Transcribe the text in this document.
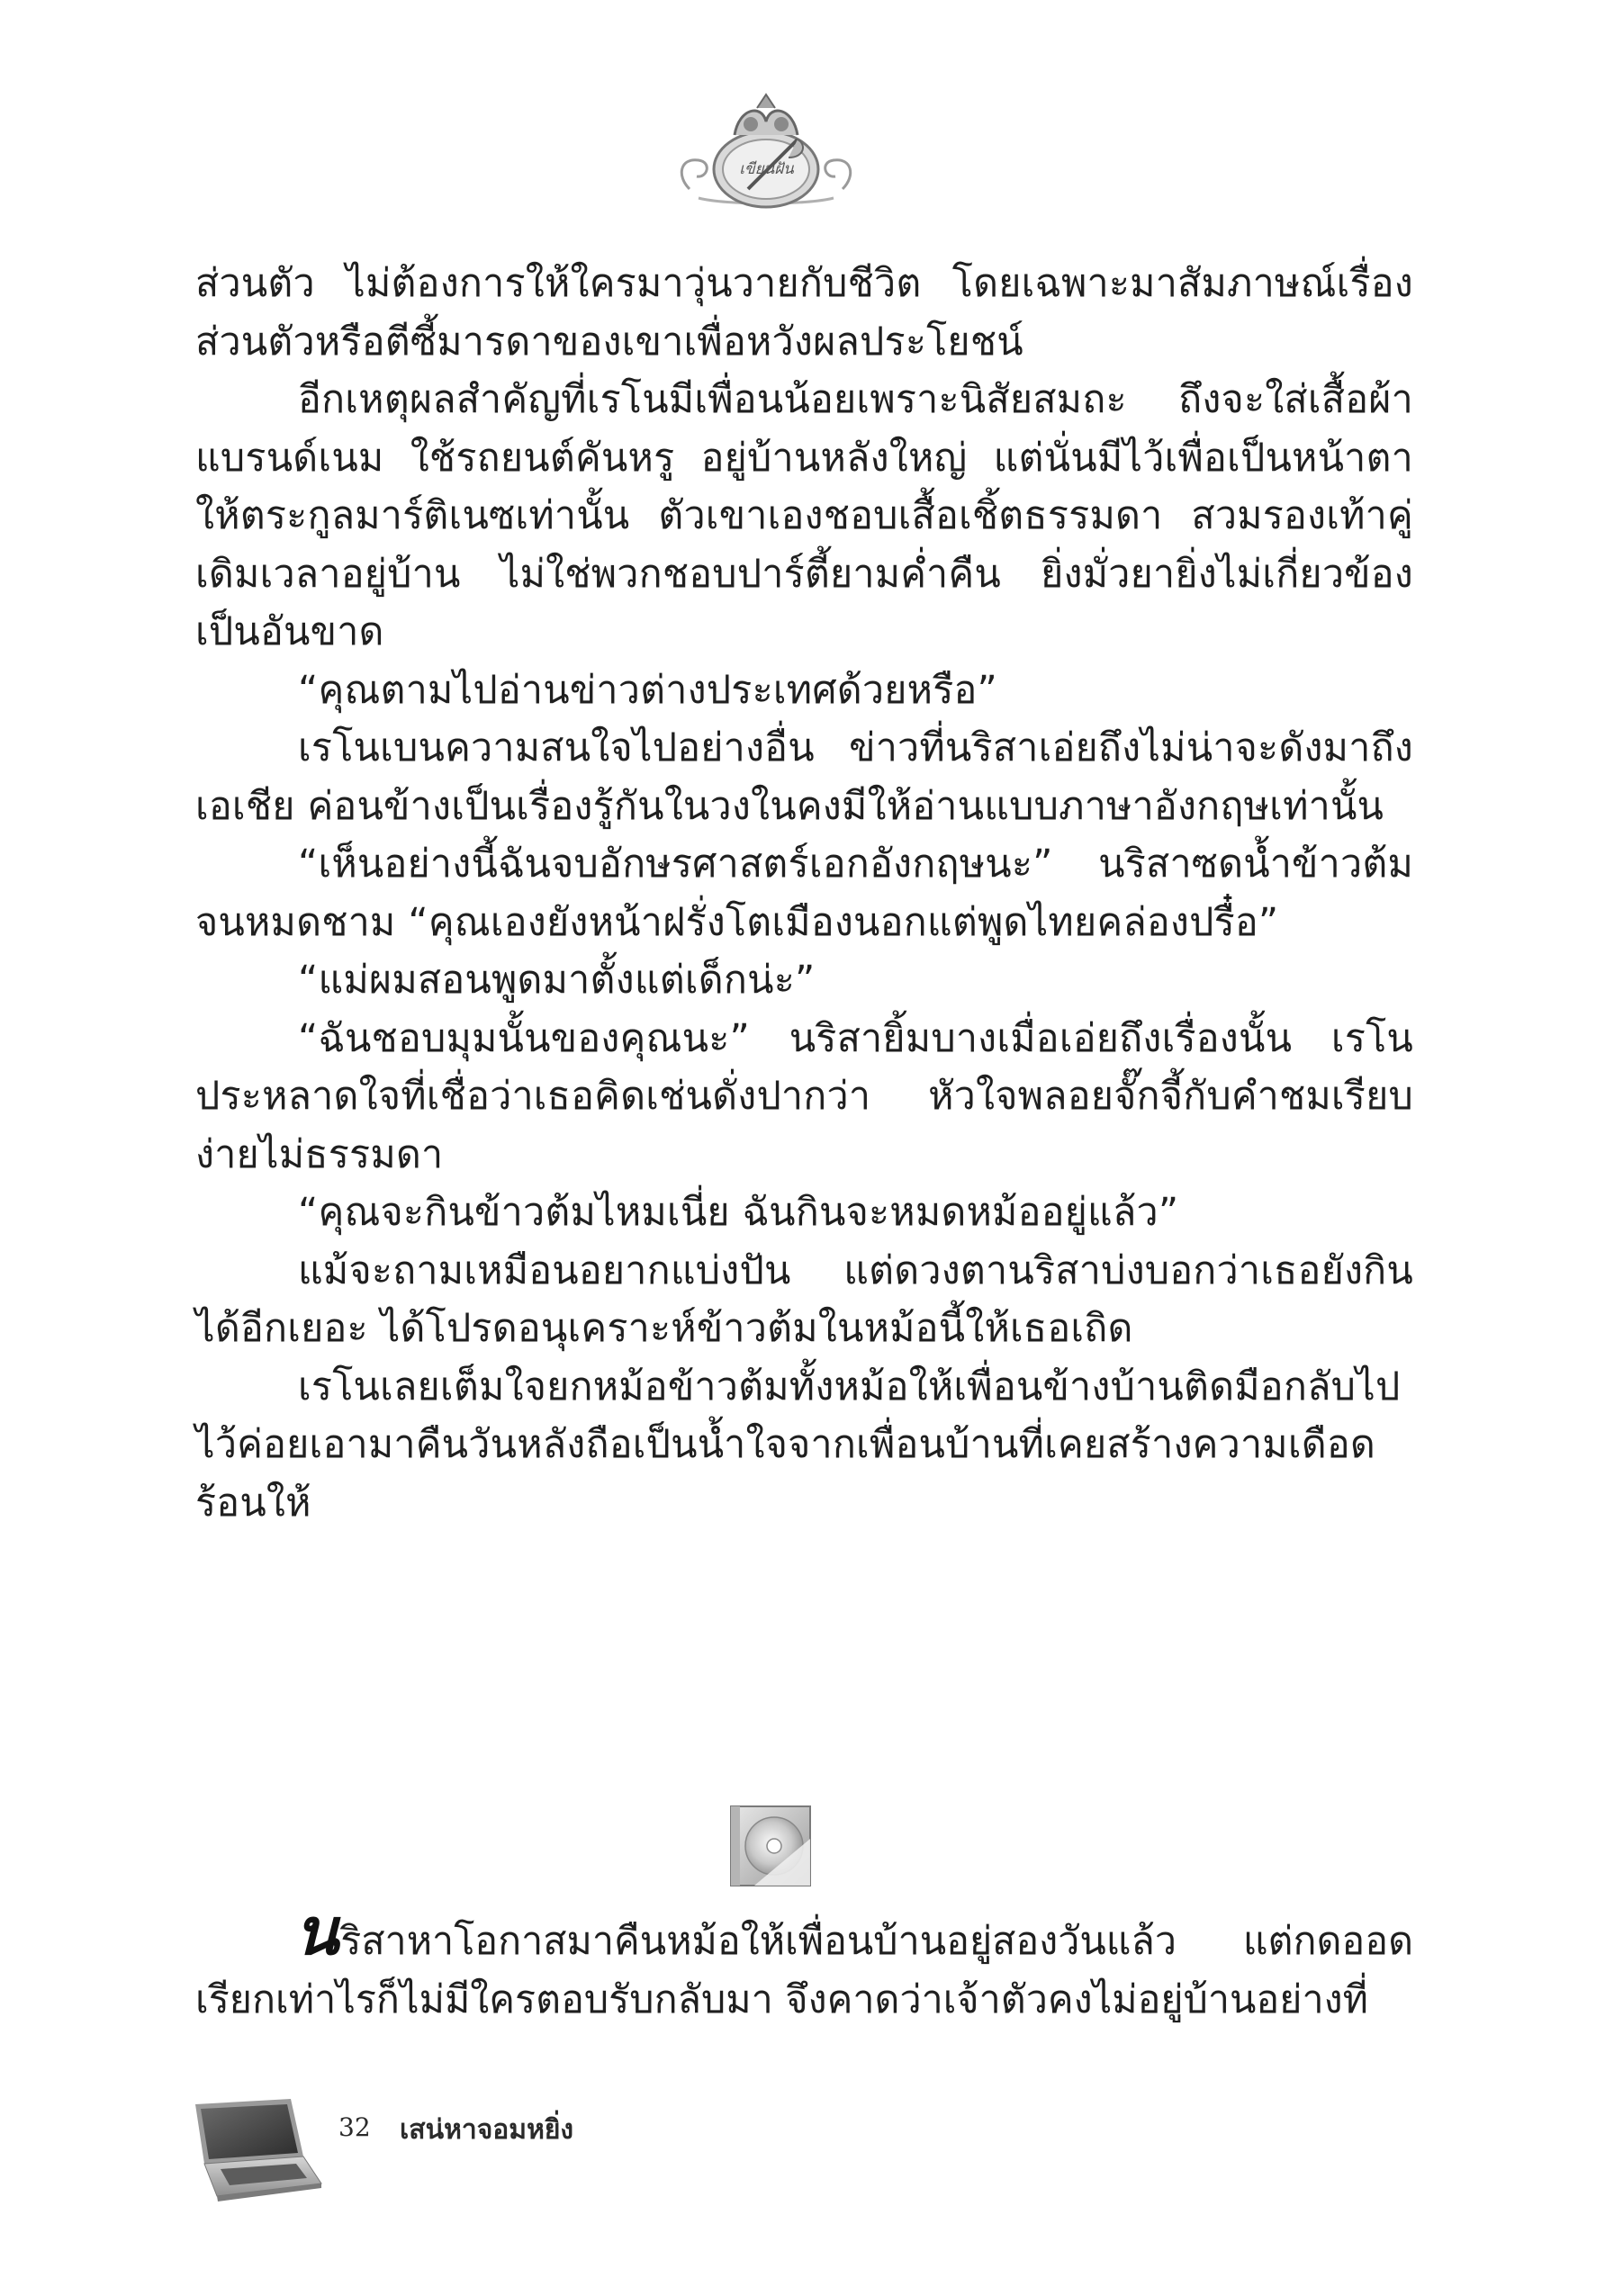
เขียนฝัน

ส่วนตัว ไม่ต้องการให้ใครมาวุ่นวายกับชีวิต โดยเฉพาะมาสัมภาษณ์เรื่องส่วนตัวหรือตีซี้มารดาของเขาเพื่อหวังผลประโยชน์

อีกเหตุผลสำคัญที่เรโนมีเพื่อนน้อยเพราะนิสัยสมถะ ถึงจะใส่เสื้อผ้าแบรนด์เนม ใช้รถยนต์คันหรู อยู่บ้านหลังใหญ่ แต่นั่นมีไว้เพื่อเป็นหน้าตาให้ตระกูลมาร์ติเนซเท่านั้น ตัวเขาเองชอบเสื้อเชิ้ตธรรมดา สวมรองเท้าคู่เดิมเวลาอยู่บ้าน ไม่ใช่พวกชอบปาร์ตี้ยามค่ำคืน ยิ่งมั่วยายิ่งไม่เกี่ยวข้องเป็นอันขาด

“คุณตามไปอ่านข่าวต่างประเทศด้วยหรือ”

เรโนเบนความสนใจไปอย่างอื่น ข่าวที่นริสาเอ่ยถึงไม่น่าจะดังมาถึงเอเชีย ค่อนข้างเป็นเรื่องรู้กันในวงในคงมีให้อ่านแบบภาษาอังกฤษเท่านั้น

“เห็นอย่างนี้ฉันจบอักษรศาสตร์เอกอังกฤษนะ” นริสาซดน้ำข้าวต้มจนหมดชาม “คุณเองยังหน้าฝรั่งโตเมืองนอกแต่พูดไทยคล่องปรื๋อ”

“แม่ผมสอนพูดมาตั้งแต่เด็กน่ะ”

“ฉันชอบมุมนั้นของคุณนะ” นริสายิ้มบางเมื่อเอ่ยถึงเรื่องนั้น เรโนประหลาดใจที่เชื่อว่าเธอคิดเช่นดั่งปากว่า หัวใจพลอยจั๊กจี้กับคำชมเรียบง่ายไม่ธรรมดา

“คุณจะกินข้าวต้มไหมเนี่ย ฉันกินจะหมดหม้ออยู่แล้ว”

แม้จะถามเหมือนอยากแบ่งปัน แต่ดวงตานริสาบ่งบอกว่าเธอยังกินได้อีกเยอะ ได้โปรดอนุเคราะห์ข้าวต้มในหม้อนี้ให้เธอเถิด

เรโนเลยเต็มใจยกหม้อข้าวต้มทั้งหม้อให้เพื่อนข้างบ้านติดมือกลับไป ไว้ค่อยเอามาคืนวันหลังถือเป็นน้ำใจจากเพื่อนบ้านที่เคยสร้างความเดือดร้อนให้

นริสาหาโอกาสมาคืนหม้อให้เพื่อนบ้านอยู่สองวันแล้ว แต่กดออดเรียกเท่าไรก็ไม่มีใครตอบรับกลับมา จึงคาดว่าเจ้าตัวคงไม่อยู่บ้านอย่างที่

32 เสน่หาจอมหยิ่ง
